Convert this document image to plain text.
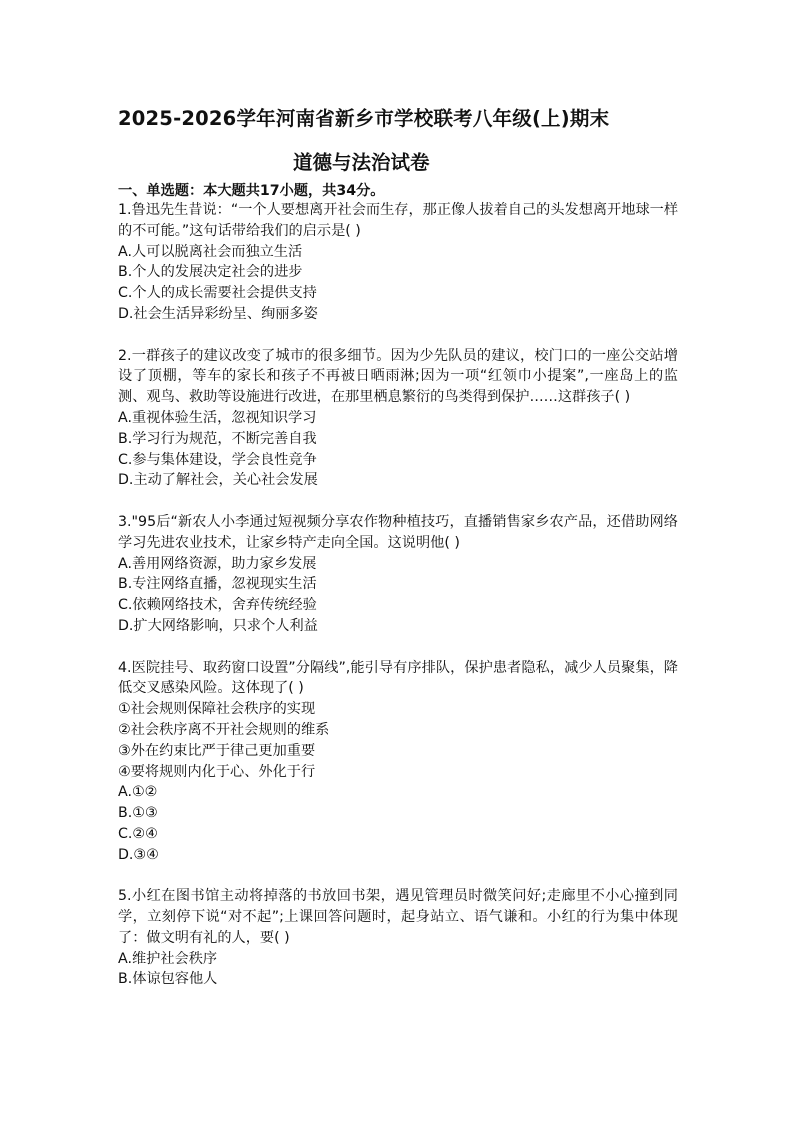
2025-2026学年河南省新乡市学校联考八年级(上)期末
道德与法治试卷
一、单选题：本大题共17小题，共34分。
1.鲁迅先生昔说：“一个人要想离开社会而生存，那正像人拔着自己的头发想离开地球一样的不可能。”这句话带给我们的启示是( )
A.人可以脱离社会而独立生活
B.个人的发展决定社会的进步
C.个人的成长需要社会提供支持
D.社会生活异彩纷呈、绚丽多姿
2.一群孩子的建议改变了城市的很多细节。因为少先队员的建议，校门口的一座公交站增设了顶棚，等车的家长和孩子不再被日晒雨淋;因为一项“红领巾小提案”,一座岛上的监测、观鸟、救助等设施进行改进，在那里栖息繁衍的鸟类得到保护……这群孩子( )
A.重视体验生活，忽视知识学习
B.学习行为规范，不断完善自我
C.参与集体建设，学会良性竞争
D.主动了解社会，关心社会发展
3."95后“新农人小李通过短视频分享农作物种植技巧，直播销售家乡农产品，还借助网络学习先进农业技术，让家乡特产走向全国。这说明他( )
A.善用网络资源，助力家乡发展
B.专注网络直播，忽视现实生活
C.依赖网络技术，舍弃传统经验
D.扩大网络影响，只求个人利益
4.医院挂号、取药窗口设置”分隔线”,能引导有序排队，保护患者隐私，减少人员聚集，降低交叉感染风险。这体现了( )
①社会规则保障社会秩序的实现
②社会秩序离不开社会规则的维系
③外在约束比严于律己更加重要
④要将规则内化于心、外化于行
A.①②
B.①③
C.②④
D.③④
5.小红在图书馆主动将掉落的书放回书架，遇见管理员时微笑问好;走廊里不小心撞到同学，立刻停下说“对不起”;上课回答问题时，起身站立、语气谦和。小红的行为集中体现了：做文明有礼的人，要( )
A.维护社会秩序
B.体谅包容他人
